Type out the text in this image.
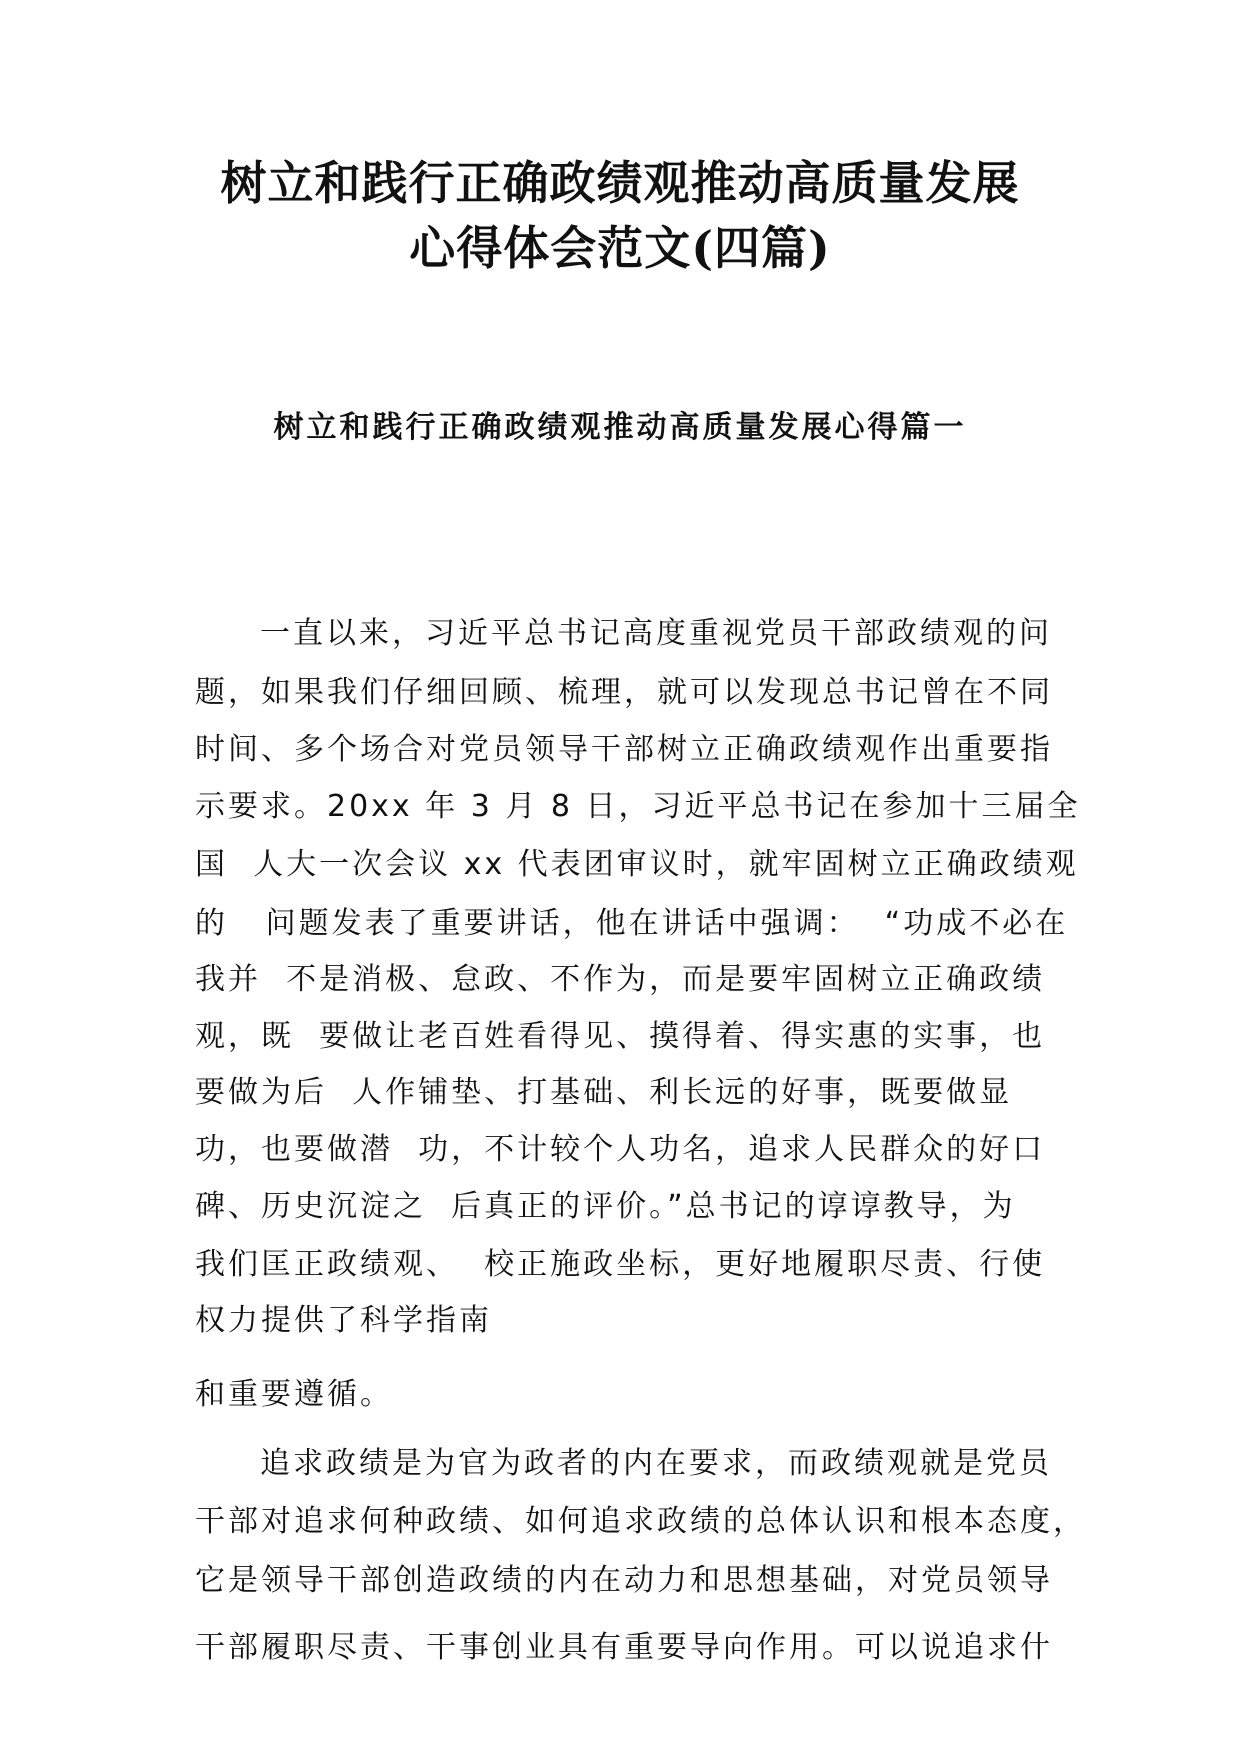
树立和践行正确政绩观推动高质量发展
心得体会范文(四篇)
树立和践行正确政绩观推动高质量发展心得篇一

一直以来，习近平总书记高度重视党员干部政绩观的问

题，如果我们仔细回顾、梳理，就可以发现总书记曾在不同

时间、多个场合对党员领导干部树立正确政绩观作出重要指

示要求。20xx 年 3 月 8 日，习近平总书记在参加十三届全

国  人大一次会议 xx 代表团审议时，就牢固树立正确政绩观

的   问题发表了重要讲话，他在讲话中强调：  “功成不必在

我并  不是消极、怠政、不作为，而是要牢固树立正确政绩

观，既  要做让老百姓看得见、摸得着、得实惠的实事，也

要做为后  人作铺垫、打基础、利长远的好事，既要做显

功，也要做潜  功，不计较个人功名，追求人民群众的好口

碑、历史沉淀之  后真正的评价。”总书记的谆谆教导，为

我们匡正政绩观、  校正施政坐标，更好地履职尽责、行使

权力提供了科学指南

和重要遵循。

追求政绩是为官为政者的内在要求，而政绩观就是党员

干部对追求何种政绩、如何追求政绩的总体认识和根本态度，

它是领导干部创造政绩的内在动力和思想基础，对党员领导

干部履职尽责、干事创业具有重要导向作用。可以说追求什
